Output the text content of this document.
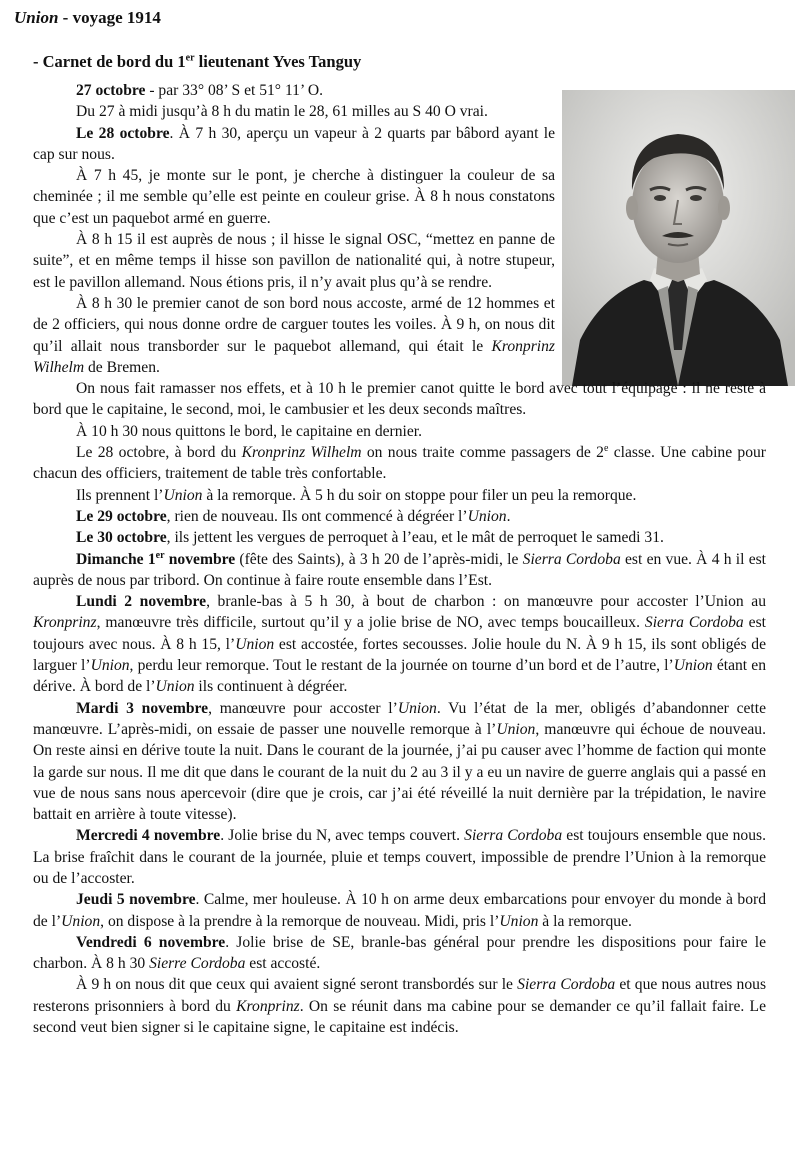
Union - voyage 1914
- Carnet de bord du 1er lieutenant Yves Tanguy

27 octobre - par 33° 08’ S et 51° 11’ O.

Du 27 à midi jusqu’à 8 h du matin le 28, 61 milles au S 40 O vrai.

Le 28 octobre. À 7 h 30, aperçu un vapeur à 2 quarts par bâbord ayant le cap sur nous.

À 7 h 45, je monte sur le pont, je cherche à distinguer la couleur de sa cheminée ; il me semble qu’elle est peinte en couleur grise. À 8 h nous constatons que c’est un paquebot armé en guerre.

À 8 h 15 il est auprès de nous ; il hisse le signal OSC, “mettez en panne de suite”, et en même temps il hisse son pavillon de nationalité qui, à notre stupeur, est le pavillon allemand. Nous étions pris, il n’y avait plus qu’à se rendre.

À 8 h 30 le premier canot de son bord nous accoste, armé de 12 hommes et de 2 officiers, qui nous donne ordre de carguer toutes les voiles. À 9 h, on nous dit qu’il allait nous transborder sur le paquebot allemand, qui était le Kronprinz Wilhelm de Bremen.

On nous fait ramasser nos effets, et à 10 h le premier canot quitte le bord avec tout l’équipage : il ne reste à bord que le capitaine, le second, moi, le cambusier et les deux seconds maîtres.

À 10 h 30 nous quittons le bord, le capitaine en dernier.

Le 28 octobre, à bord du Kronprinz Wilhelm on nous traite comme passagers de 2e classe. Une cabine pour chacun des officiers, traitement de table très confortable.

Ils prennent l’Union à la remorque. À 5 h du soir on stoppe pour filer un peu la remorque.

Le 29 octobre, rien de nouveau. Ils ont commencé à dégréer l’Union.

Le 30 octobre, ils jettent les vergues de perroquet à l’eau, et le mât de perroquet le samedi 31.

Dimanche 1er novembre (fête des Saints), à 3 h 20 de l’après-midi, le Sierra Cordoba est en vue. À 4 h il est auprès de nous par tribord. On continue à faire route ensemble dans l’Est.

Lundi 2 novembre, branle-bas à 5 h 30, à bout de charbon : on manœuvre pour accoster l’Union au Kronprinz, manœuvre très difficile, surtout qu’il y a jolie brise de NO, avec temps boucailleux. Sierra Cordoba est toujours avec nous. À 8 h 15, l’Union est accostée, fortes secousses. Jolie houle du N. À 9 h 15, ils sont obligés de larguer l’Union, perdu leur remorque. Tout le restant de la journée on tourne d’un bord et de l’autre, l’Union étant en dérive. À bord de l’Union ils continuent à dégréer.

Mardi 3 novembre, manœuvre pour accoster l’Union. Vu l’état de la mer, obligés d’abandonner cette manœuvre. L’après-midi, on essaie de passer une nouvelle remorque à l’Union, manœuvre qui échoue de nouveau. On reste ainsi en dérive toute la nuit. Dans le courant de la journée, j’ai pu causer avec l’homme de faction qui monte la garde sur nous. Il me dit que dans le courant de la nuit du 2 au 3 il y a eu un navire de guerre anglais qui a passé en vue de nous sans nous apercevoir (dire que je crois, car j’ai été réveillé la nuit dernière par la trépidation, le navire battait en arrière à toute vitesse).

Mercredi 4 novembre. Jolie brise du N, avec temps couvert. Sierra Cordoba est toujours ensemble que nous. La brise fraîchit dans le courant de la journée, pluie et temps couvert, impossible de prendre l’Union à la remorque ou de l’accoster.

Jeudi 5 novembre. Calme, mer houleuse. À 10 h on arme deux embarcations pour envoyer du monde à bord de l’Union, on dispose à la prendre à la remorque de nouveau. Midi, pris l’Union à la remorque.

Vendredi 6 novembre. Jolie brise de SE, branle-bas général pour prendre les dispositions pour faire le charbon. À 8 h 30 Sierre Cordoba est accosté.

À 9 h on nous dit que ceux qui avaient signé seront transbordés sur le Sierra Cordoba et que nous autres nous resterons prisonniers à bord du Kronprinz. On se réunit dans ma cabine pour se demander ce qu’il fallait faire. Le second veut bien signer si le capitaine signe, le capitaine est indécis.
